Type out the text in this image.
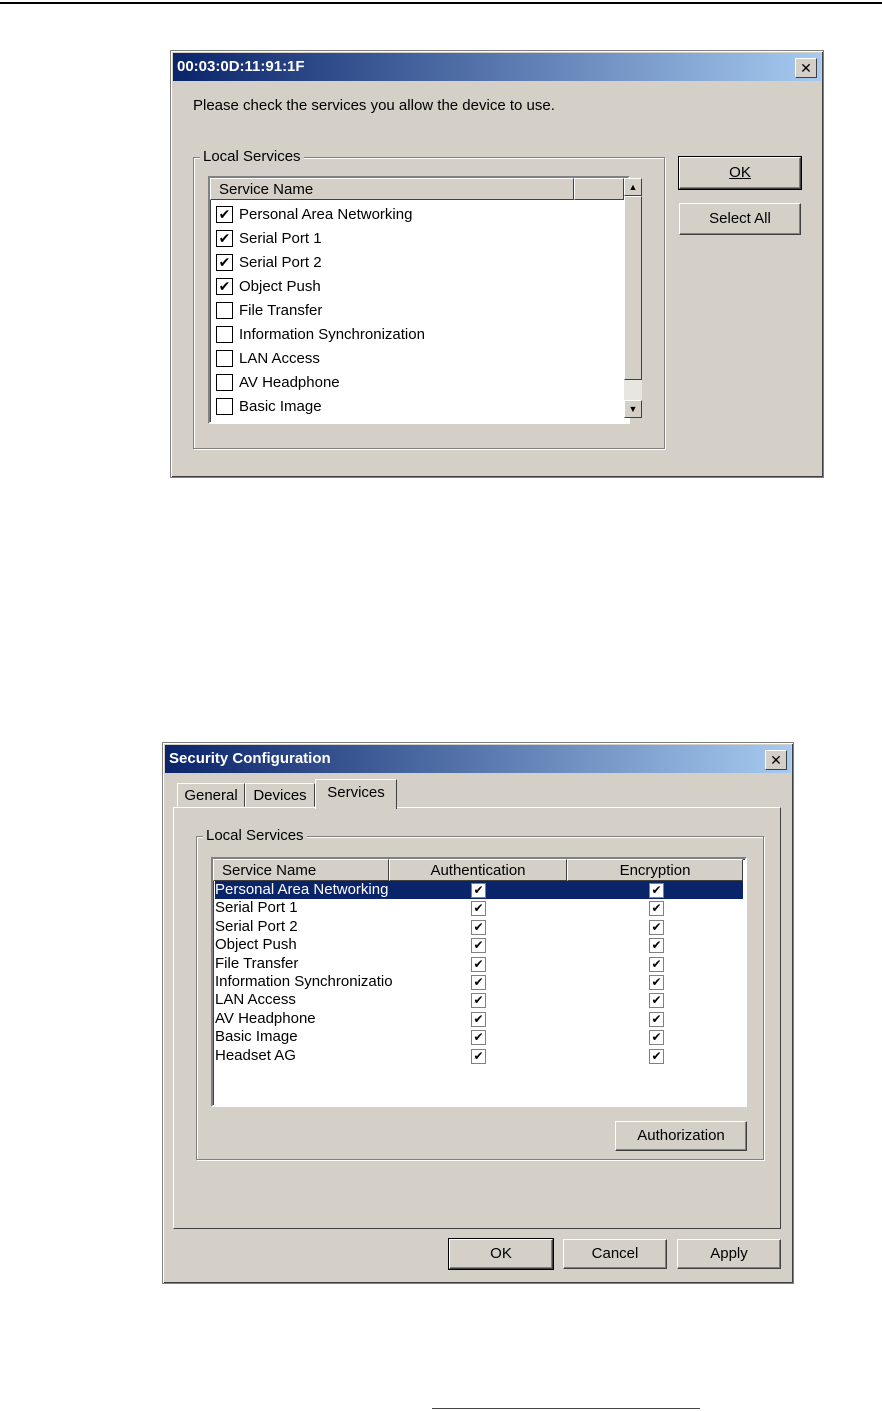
00:03:0D:11:91:1F	✕
Please check the services you allow the device to use.
Local Services
Service Name
✔ Personal Area Networking
✔ Serial Port 1
✔ Serial Port 2
✔ Object Push
File Transfer
Information Synchronization
LAN Access
AV Headphone
Basic Image
▲
▼
OK
Select All
Security Configuration	✕
General	Devices	Services
Local Services
Service Name	Authentication	Encryption
Personal Area Networking	✔	✔
Serial Port 1	✔	✔
Serial Port 2	✔	✔
Object Push	✔	✔
File Transfer	✔	✔
Information Synchronizatio	✔	✔
LAN Access	✔	✔
AV Headphone	✔	✔
Basic Image	✔	✔
Headset AG	✔	✔
Authorization
OK	Cancel	Apply
